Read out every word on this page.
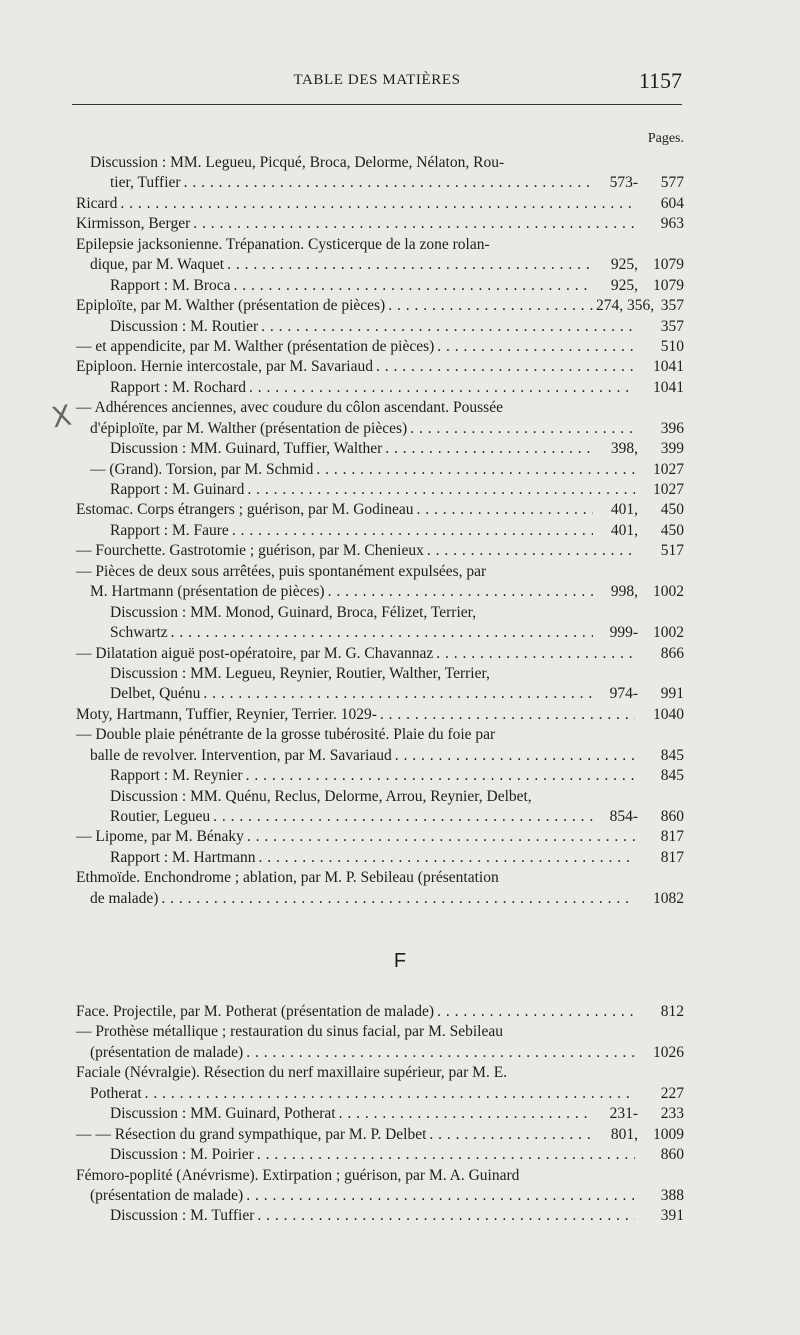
TABLE DES MATIÈRES	1157
Pages.
X
Discussion : MM. Legueu, Picqué, Broca, Delorme, Nélaton, Rou-
tier, Tuffier . . .	573-	577
Ricard . . .	604
Kirmisson, Berger . . .	963
Epilepsie jacksonienne. Trépanation. Cysticerque de la zone rolan-
dique, par M. Waquet . . .	925, 1079
Rapport : M. Broca . . .	925, 1079
Epiploïte, par M. Walther (présentation de pièces) . . .	274, 356, 357
Discussion : M. Routier . . .	357
— et appendicite, par M. Walther (présentation de pièces) . . .	510
Epiploon. Hernie intercostale, par M. Savariaud . . .	1041
Rapport : M. Rochard . . .	1041
— Adhérences anciennes, avec coudure du côlon ascendant. Poussée
d'épiploïte, par M. Walther (présentation de pièces) . . .	396
Discussion : MM. Guinard, Tuffier, Walther . . .	398,	399
— (Grand). Torsion, par M. Schmid . . .	1027
Rapport : M. Guinard . . .	1027
Estomac. Corps étrangers ; guérison, par M. Godineau . . .	401,	450
Rapport : M. Faure . . .	401,	450
— Fourchette. Gastrotomie ; guérison, par M. Chenieux . . .	517
— Pièces de deux sous arrêtées, puis spontanément expulsées, par
M. Hartmann (présentation de pièces) . . .	998, 1002
Discussion : MM. Monod, Guinard, Broca, Félizet, Terrier,
Schwartz . . .	999- 1002
— Dilatation aiguë post-opératoire, par M. G. Chavannaz . . .	866
Discussion : MM. Legueu, Reynier, Routier, Walther, Terrier,
Delbet, Quénu . . .	974-	991
Moty, Hartmann, Tuffier, Reynier, Terrier. 1029- . . .	1040
— Double plaie pénétrante de la grosse tubérosité. Plaie du foie par
balle de revolver. Intervention, par M. Savariaud . . .	845
Rapport : M. Reynier . . .	845
Discussion : MM. Quénu, Reclus, Delorme, Arrou, Reynier, Delbet,
Routier, Legueu . . .	854-	860
— Lipome, par M. Bénaky . . .	817
Rapport : M. Hartmann . . .	817
Ethmoïde. Enchondrome ; ablation, par M. P. Sebileau (présentation
de malade) . . .	1082
F
Face. Projectile, par M. Potherat (présentation de malade) . . .	812
— Prothèse métallique ; restauration du sinus facial, par M. Sebileau
(présentation de malade) . . .	1026
Faciale (Névralgie). Résection du nerf maxillaire supérieur, par M. E.
Potherat . . .	227
Discussion : MM. Guinard, Potherat . . .	231-	233
— — Résection du grand sympathique, par M. P. Delbet . . .	801, 1009
Discussion : M. Poirier . . .	860
Fémoro-poplité (Anévrisme). Extirpation ; guérison, par M. A. Guinard
(présentation de malade) . . .	388
Discussion : M. Tuffier . . .	391
